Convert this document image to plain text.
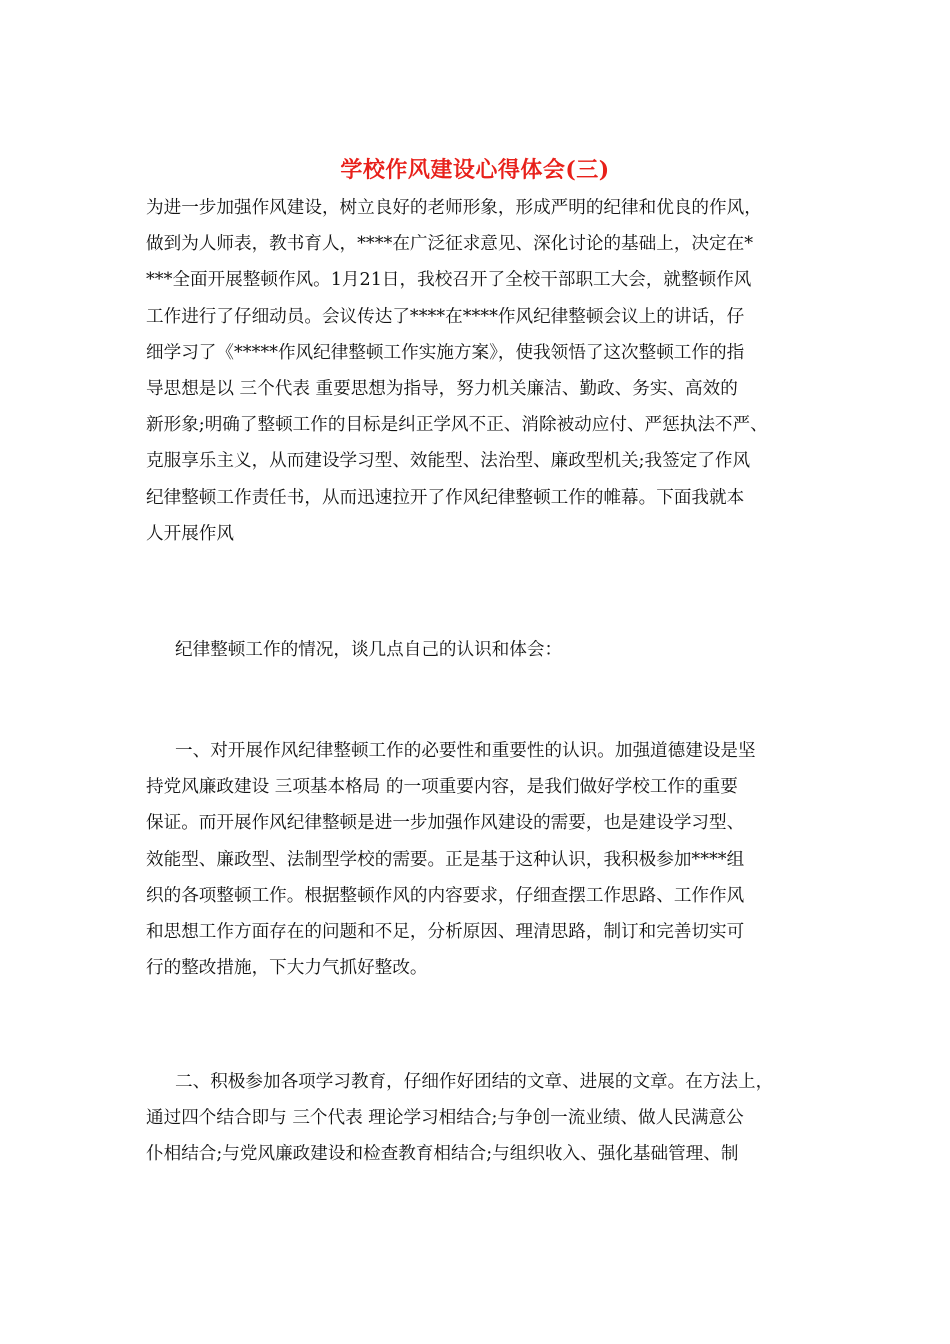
学校作风建设心得体会(三)
为进一步加强作风建设，树立良好的老师形象，形成严明的纪律和优良的作风，
做到为人师表，教书育人，****在广泛征求意见、深化讨论的基础上，决定在*
***全面开展整顿作风。1月21日，我校召开了全校干部职工大会，就整顿作风
工作进行了仔细动员。会议传达了****在****作风纪律整顿会议上的讲话，仔
细学习了《*****作风纪律整顿工作实施方案》，使我领悟了这次整顿工作的指
导思想是以 三个代表 重要思想为指导，努力机关廉洁、勤政、务实、高效的
新形象;明确了整顿工作的目标是纠正学风不正、消除被动应付、严惩执法不严、
克服享乐主义，从而建设学习型、效能型、法治型、廉政型机关;我签定了作风
纪律整顿工作责任书，从而迅速拉开了作风纪律整顿工作的帷幕。下面我就本
人开展作风
纪律整顿工作的情况，谈几点自己的认识和体会：
一、对开展作风纪律整顿工作的必要性和重要性的认识。加强道德建设是坚
持党风廉政建设 三项基本格局 的一项重要内容，是我们做好学校工作的重要
保证。而开展作风纪律整顿是进一步加强作风建设的需要，也是建设学习型、
效能型、廉政型、法制型学校的需要。正是基于这种认识，我积极参加****组
织的各项整顿工作。根据整顿作风的内容要求，仔细查摆工作思路、工作作风
和思想工作方面存在的问题和不足，分析原因、理清思路，制订和完善切实可
行的整改措施，下大力气抓好整改。
二、积极参加各项学习教育，仔细作好团结的文章、进展的文章。在方法上，
通过四个结合即与 三个代表 理论学习相结合;与争创一流业绩、做人民满意公
仆相结合;与党风廉政建设和检查教育相结合;与组织收入、强化基础管理、制
